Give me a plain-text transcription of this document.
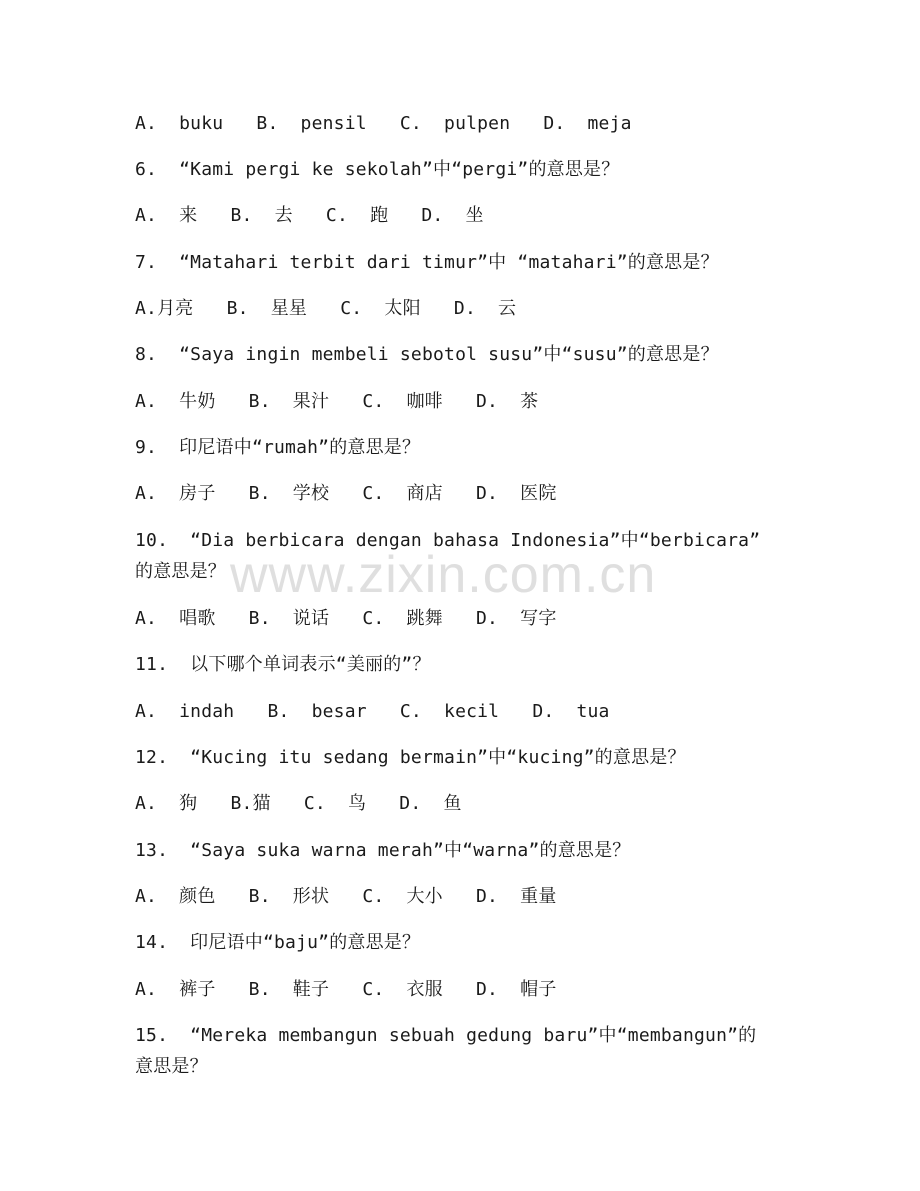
A.  buku   B.  pensil   C.  pulpen   D.  meja
6.  “Kami pergi ke sekolah”中“pergi”的意思是？
A.  来   B.  去   C.  跑   D.  坐
7.  “Matahari terbit dari timur”中 “matahari”的意思是？
A.月亮   B.  星星   C.  太阳   D.  云
8.  “Saya ingin membeli sebotol susu”中“susu”的意思是？
A.  牛奶   B.  果汁   C.  咖啡   D.  茶
9.  印尼语中“rumah”的意思是？
A.  房子   B.  学校   C.  商店   D.  医院
10.  “Dia berbicara dengan bahasa Indonesia”中“berbicara”
的意思是？
A.  唱歌   B.  说话   C.  跳舞   D.  写字
11.  以下哪个单词表示“美丽的”？
A.  indah   B.  besar   C.  kecil   D.  tua
12.  “Kucing itu sedang bermain”中“kucing”的意思是？
A.  狗   B.猫   C.  鸟   D.  鱼
13.  “Saya suka warna merah”中“warna”的意思是？
A.  颜色   B.  形状   C.  大小   D.  重量
14.  印尼语中“baju”的意思是？
A.  裤子   B.  鞋子   C.  衣服   D.  帽子
15.  “Mereka membangun sebuah gedung baru”中“membangun”的
意思是？
www.zixin.com.cn
